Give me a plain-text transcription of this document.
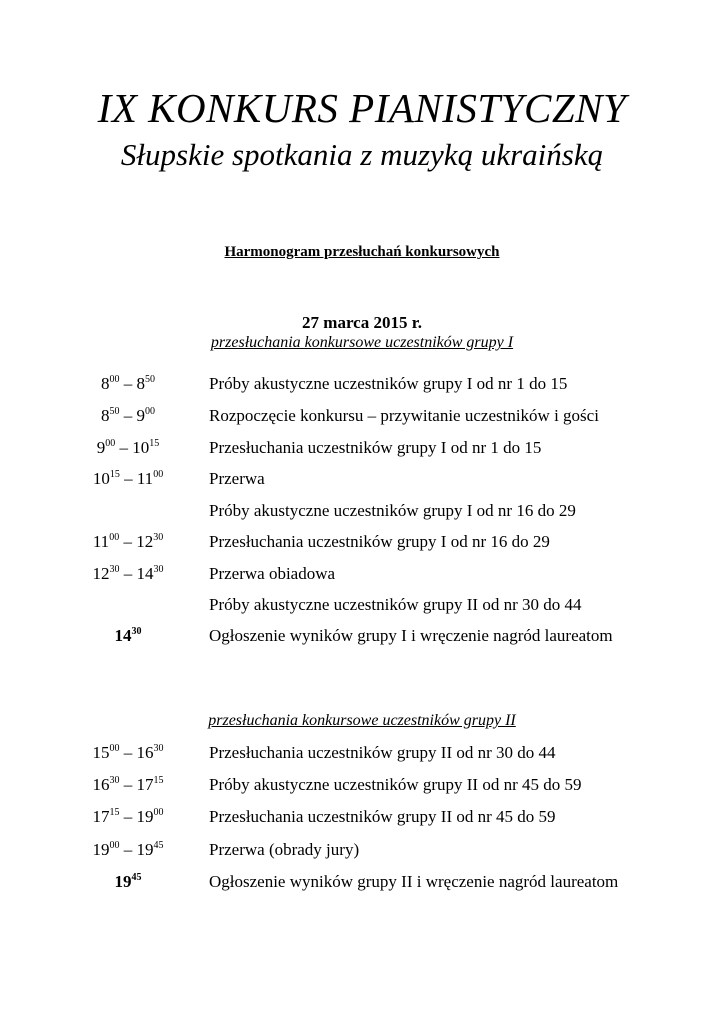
IX KONKURS PIANISTYCZNY
Słupskie spotkania z muzyką ukraińską
Harmonogram przesłuchań konkursowych
27 marca 2015 r.
przesłuchania konkursowe uczestników grupy I
$8^{00} - 8^{50}$	Próby akustyczne uczestników grupy I od nr 1 do 15
$8^{50} - 9^{00}$	Rozpoczęcie konkursu – przywitanie uczestników i gości
$9^{00} - 10^{15}$	Przesłuchania uczestników grupy I od nr 1 do 15
$10^{15} - 11^{00}$	Przerwa
Próby akustyczne uczestników grupy I od nr 16 do 29
$11^{00} - 12^{30}$	Przesłuchania uczestników grupy I od nr 16 do 29
$12^{30} - 14^{30}$	Przerwa obiadowa
Próby akustyczne uczestników grupy II od nr 30 do 44
$14^{30}$	Ogłoszenie wyników grupy I i wręczenie nagród laureatom
przesłuchania konkursowe uczestników grupy II
$15^{00} - 16^{30}$	Przesłuchania uczestników grupy II od nr 30 do 44
$16^{30} - 17^{15}$	Próby akustyczne uczestników grupy II od nr 45 do 59
$17^{15} - 19^{00}$	Przesłuchania uczestników grupy II od nr 45 do 59
$19^{00} - 19^{45}$	Przerwa (obrady jury)
$19^{45}$	Ogłoszenie wyników grupy II i wręczenie nagród laureatom
